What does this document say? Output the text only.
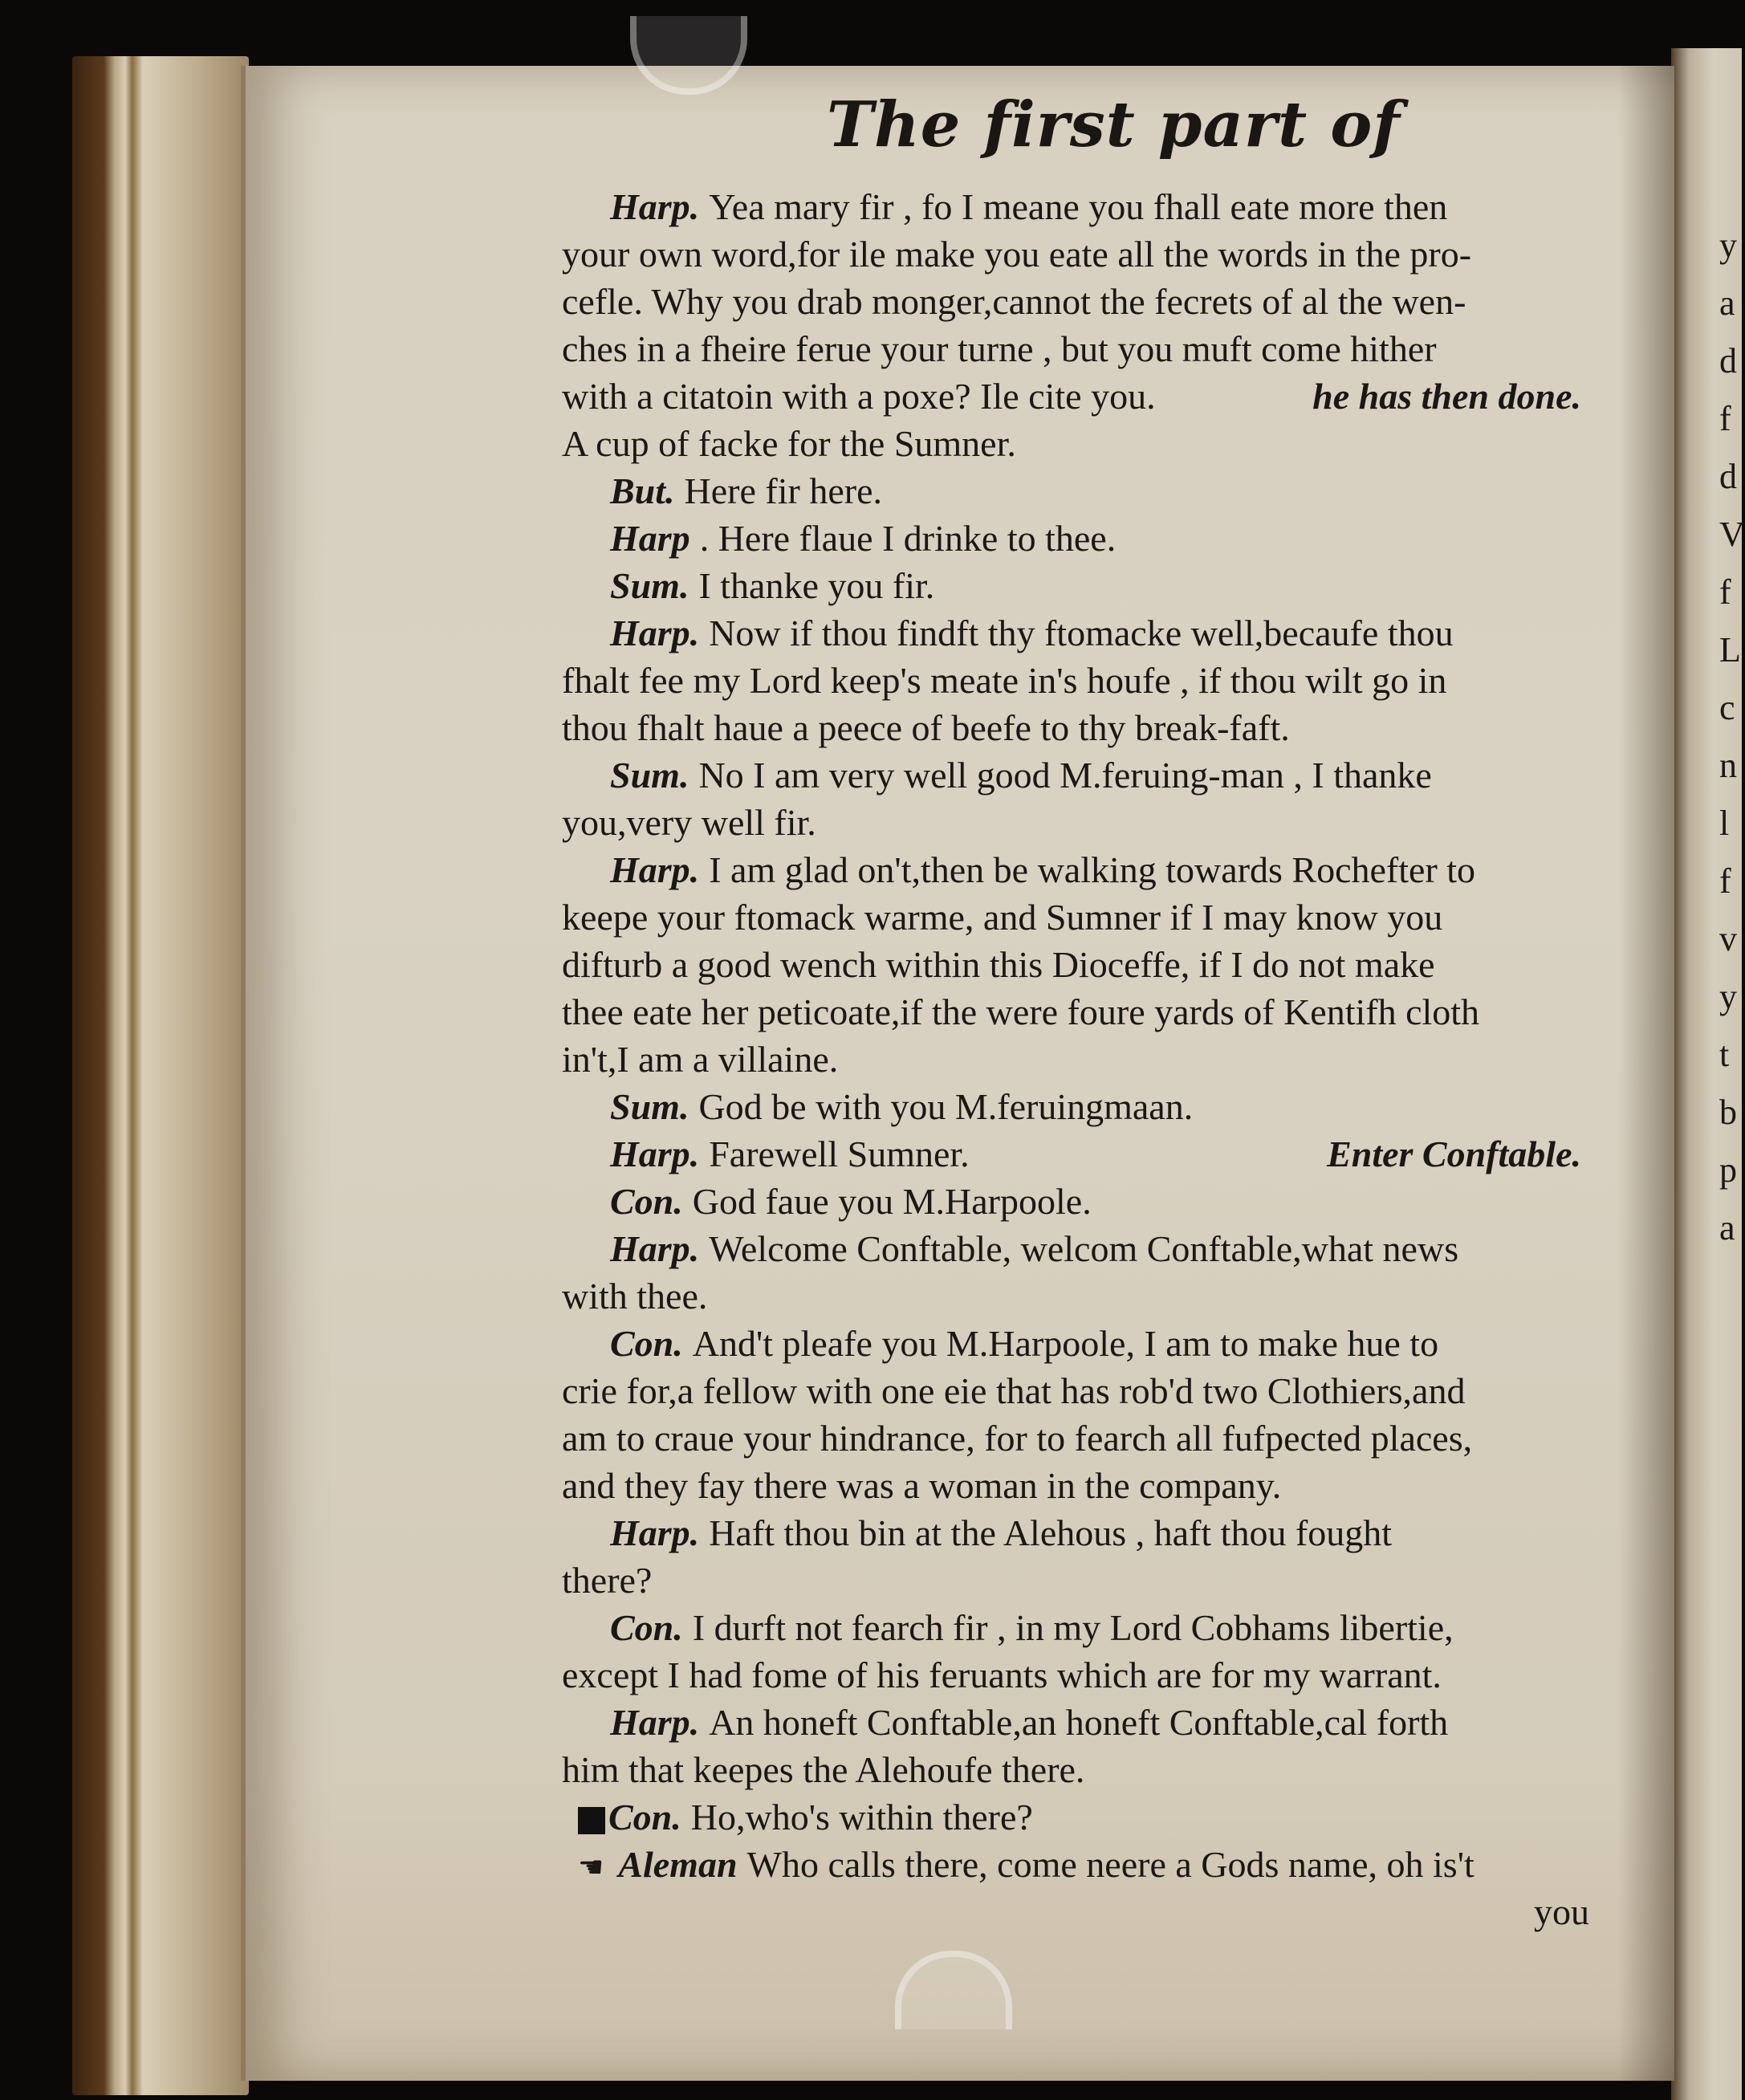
The first part of
Harp. Yea mary fir , fo I meane you fhall eate more then
your own word,for ile make you eate all the words in the pro-
cefle. Why you drab monger,cannot the fecrets of al the wen-
ches in a fheire ferue your turne , but you muft come hither
with a citatoin with a poxe? Ile cite you.	he has then done.
A cup of facke for the Sumner.
But. Here fir here.
Harp . Here flaue I drinke to thee.
Sum. I thanke you fir.
Harp. Now if thou findft thy ftomacke well,becaufe thou
fhalt fee my Lord keep's meate in's houfe , if thou wilt go in
thou fhalt haue a peece of beefe to thy break-faft.
Sum. No I am very well good M.feruing-man , I thanke
you,very well fir.
Harp. I am glad on't,then be walking towards Rochefter to
keepe your ftomack warme, and Sumner if I may know you
difturb a good wench within this Dioceffe, if I do not make
thee eate her peticoate,if the were foure yards of Kentifh cloth
in't,I am a villaine.
Sum. God be with you M.feruingmaan.
Harp. Farewell Sumner.	Enter Conftable.
Con. God faue you M.Harpoole.
Harp. Welcome Conftable, welcom Conftable,what news
with thee.
Con. And't pleafe you M.Harpoole, I am to make hue to
crie for,a fellow with one eie that has rob'd two Clothiers,and
am to craue your hindrance, for to fearch all fufpected places,
and they fay there was a woman in the company.
Harp. Haft thou bin at the Alehous , haft thou fought
there?
Con. I durft not fearch fir , in my Lord Cobhams libertie,
except I had fome of his feruants which are for my warrant.
Harp. An honeft Conftable,an honeft Conftable,cal forth
him that keepes the Alehoufe there.
Con. Ho,who's within there?
☚ Aleman Who calls there, come neere a Gods name, oh is't
you
y
a
d
f
d
V
f
L
c
n
l
f
v
y
t
b
p
a
